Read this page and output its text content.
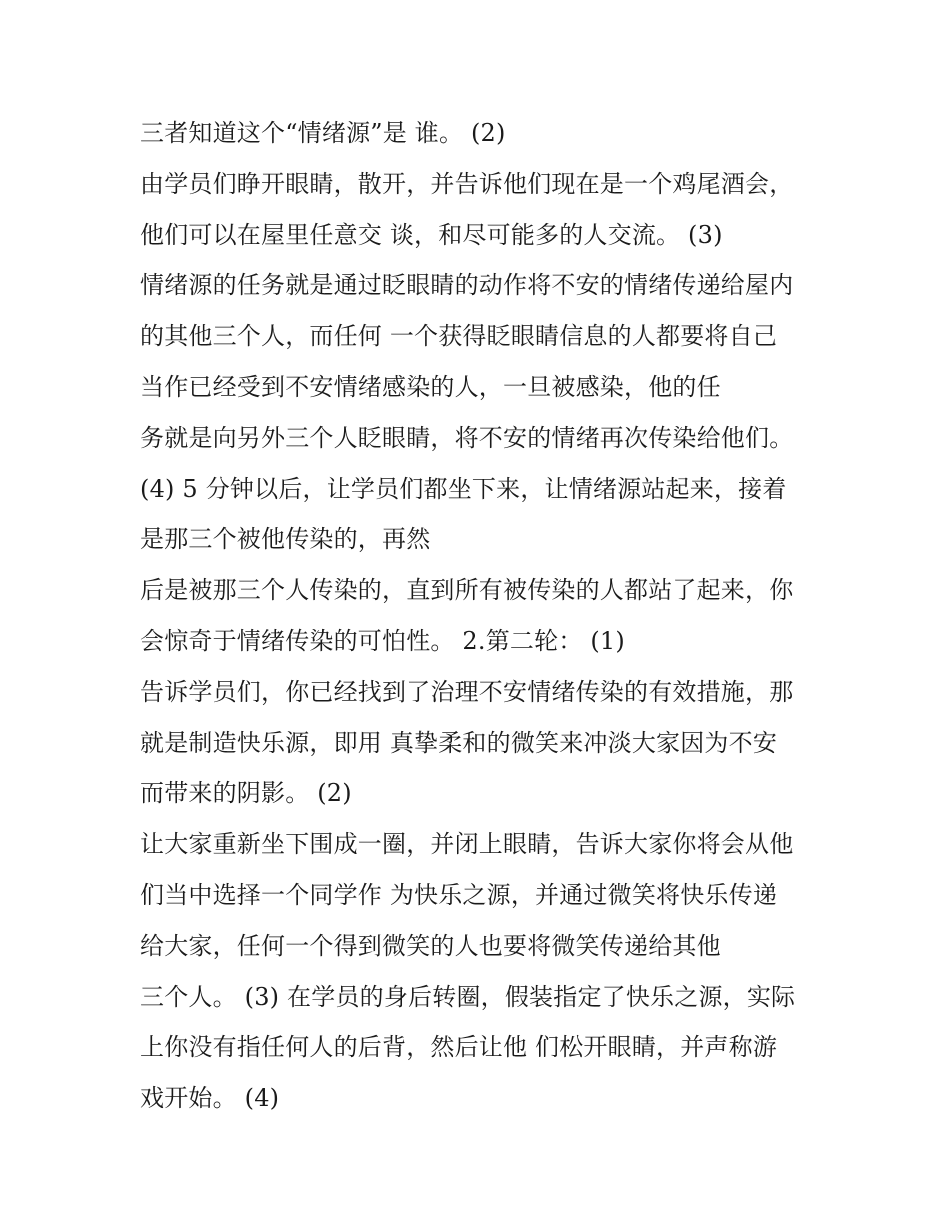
三者知道这个“情绪源”是 谁。 (2)
由学员们睁开眼睛，散开，并告诉他们现在是一个鸡尾酒会，
他们可以在屋里任意交 谈，和尽可能多的人交流。 (3)
情绪源的任务就是通过眨眼睛的动作将不安的情绪传递给屋内
的其他三个人，而任何 一个获得眨眼睛信息的人都要将自己
当作已经受到不安情绪感染的人，一旦被感染，他的任
务就是向另外三个人眨眼睛，将不安的情绪再次传染给他们。
(4) 5 分钟以后，让学员们都坐下来，让情绪源站起来，接着
是那三个被他传染的，再然
后是被那三个人传染的，直到所有被传染的人都站了起来，你
会惊奇于情绪传染的可怕性。 2.第二轮： (1)
告诉学员们，你已经找到了治理不安情绪传染的有效措施，那
就是制造快乐源，即用 真挚柔和的微笑来冲淡大家因为不安
而带来的阴影。 (2)
让大家重新坐下围成一圈，并闭上眼睛，告诉大家你将会从他
们当中选择一个同学作 为快乐之源，并通过微笑将快乐传递
给大家，任何一个得到微笑的人也要将微笑传递给其他
三个人。 (3) 在学员的身后转圈，假装指定了快乐之源，实际
上你没有指任何人的后背，然后让他 们松开眼睛，并声称游
戏开始。 (4)
